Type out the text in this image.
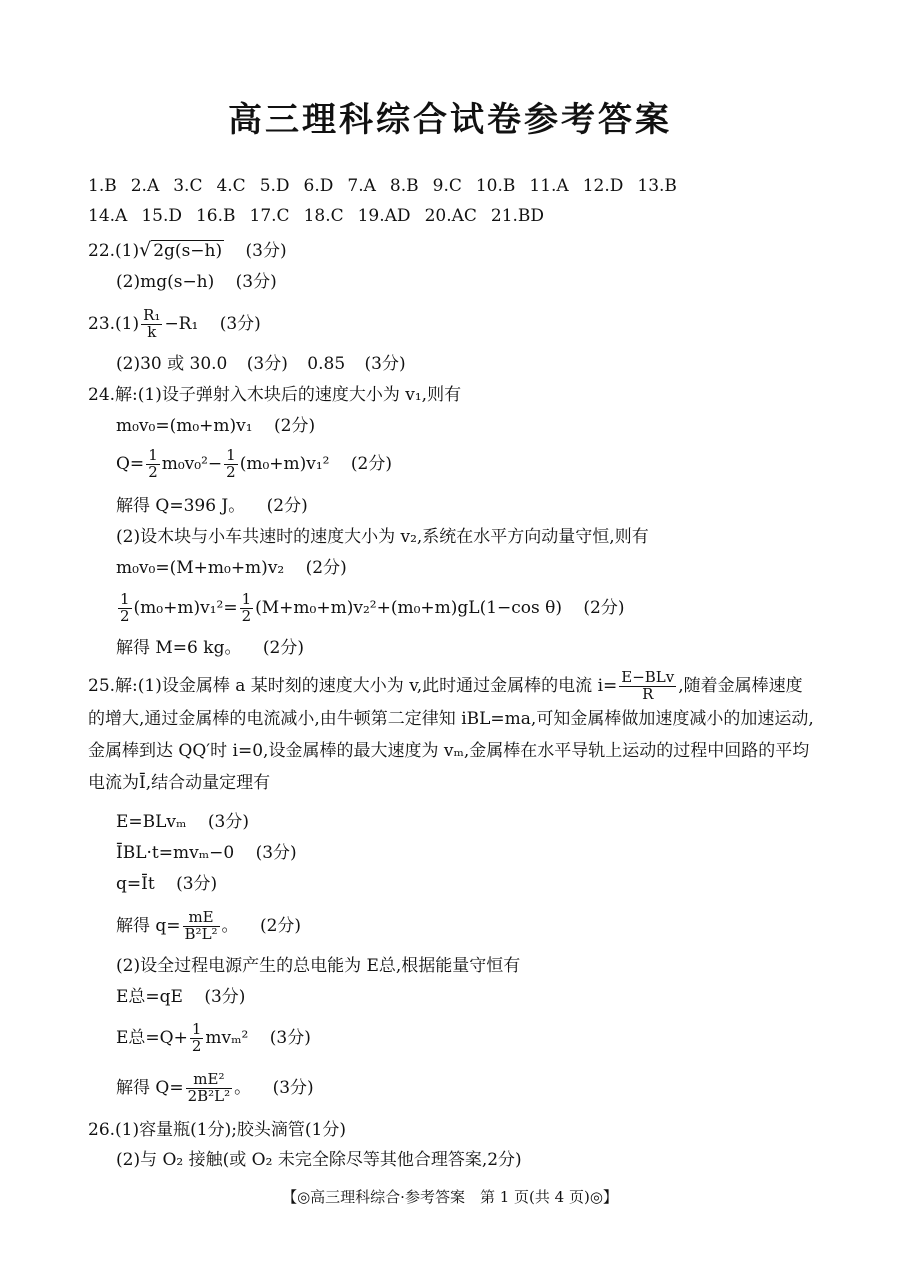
高三理科综合试卷参考答案
1.B 2.A 3.C 4.C 5.D 6.D 7.A 8.B 9.C 10.B 11.A 12.D 13.B
14.A 15.D 16.B 17.C 18.C 19.AD 20.AC 21.BD
22.(1)√ 2g(s−h) (3分)
(2)mg(s−h) (3分)
$23.(1) \frac{\text{R₁}}{k} -R_1$ (3分)
(2)30 或 30.0 (3分) 0.85 (3分)
24.解:(1)设子弹射入木块后的速度大小为 v₁,则有
m₀v₀=(m₀+m)v₁ (2分)
$Q= \frac{1}{2} m_0v_0^2- \frac{1}{2} (m_0+m)v_1^2$ (2分)
解得 Q=396 J。 (2分)
(2)设木块与小车共速时的速度大小为 v₂,系统在水平方向动量守恒,则有
m₀v₀=(M+m₀+m)v₂ (2分)
$\frac{1}{2} (m_0+m)v_1^2= \frac{1}{2} (M+m_0+m)v_2^2+(m_0+m)gL(1-\cos$ θ) (2分)
解得 M=6 kg。 (2分)
25.解:(1)设金属棒 a 某时刻的速度大小为 v,此时通过金属棒的电流 $i= \frac{\text{E−BLv}}{R}$ ,随着金属棒速度的增大,通过金属棒的电流减小,由牛顿第二定律知 iBL=ma,可知金属棒做加速度减小的加速运动,金属棒到达 QQ′时 i=0,设金属棒的最大速度为 vₘ,金属棒在水平导轨上运动的过程中回路的平均电流为Ī,结合动量定理有
E=BLvₘ (3分)
ĪBL·t=mvₘ−0 (3分)
q=Īt (3分)
解得 $q= \frac{mE}{\text{B²L²}}$ 。 (2分)
(2)设全过程电源产生的总电能为 E总,根据能量守恒有
E总=qE (3分)
E总$=Q+ \frac{1}{2} mv_m^2$ (3分)
解得 $Q= \frac{\text{mE²}}{\text{2B²L²}}$ 。 (3分)
26.(1)容量瓶(1分);胶头滴管(1分)
(2)与 O₂ 接触(或 O₂ 未完全除尽等其他合理答案,2分)
【◎高三理科综合·参考答案　第 1 页(共 4 页)◎】
